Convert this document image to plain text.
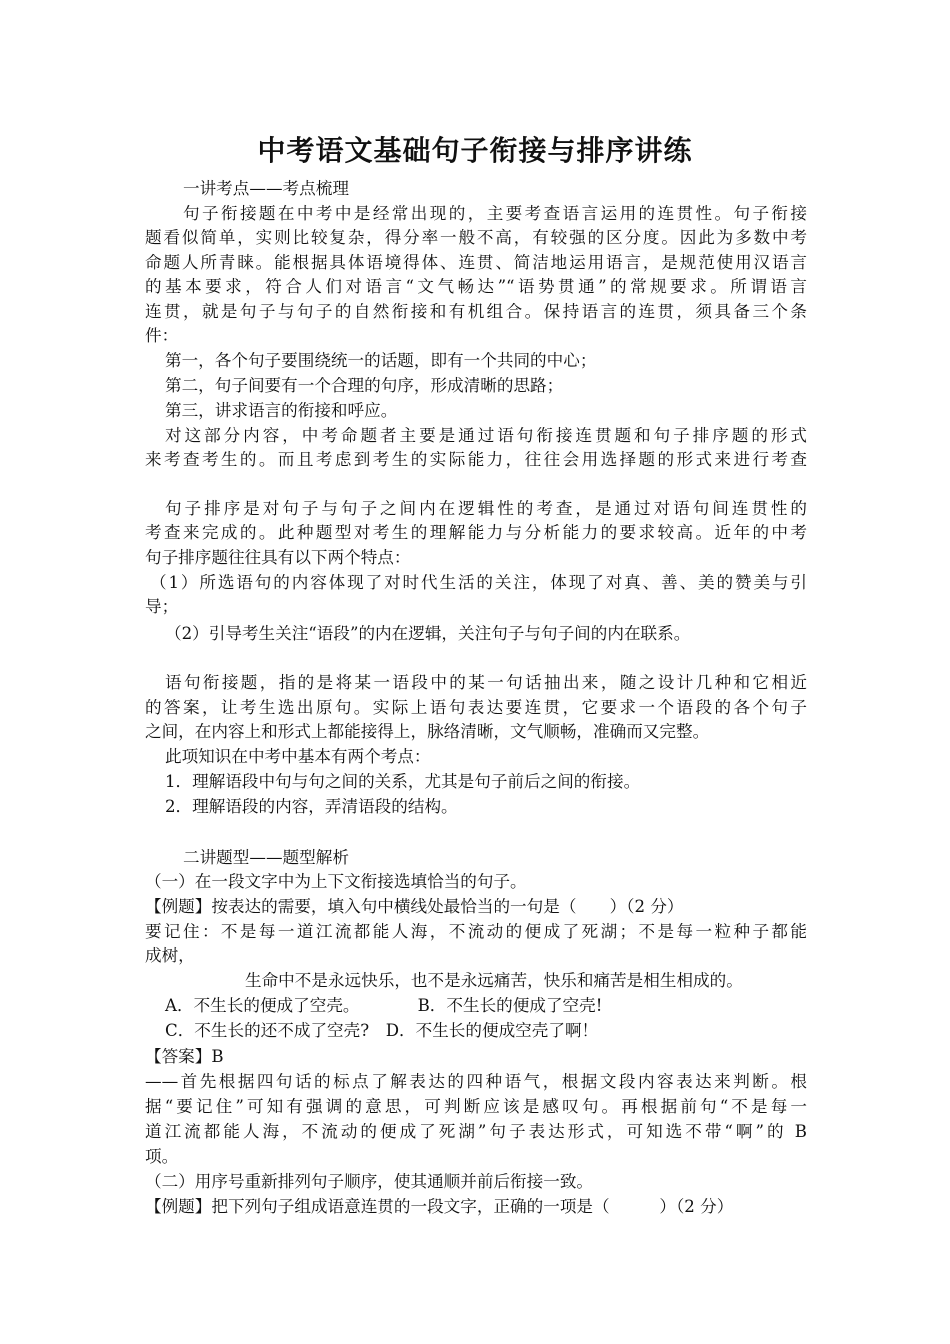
中考语文基础句子衔接与排序讲练
一讲考点——考点梳理
句子衔接题在中考中是经常出现的，主要考查语言运用的连贯性。句子衔接
题看似简单，实则比较复杂，得分率一般不高，有较强的区分度。因此为多数中考
命题人所青睐。能根据具体语境得体、连贯、简洁地运用语言，是规范使用汉语言
的基本要求，符合人们对语言“文气畅达”“语势贯通”的常规要求。所谓语言
连贯，就是句子与句子的自然衔接和有机组合。保持语言的连贯，须具备三个条
件：
第一，各个句子要围绕统一的话题，即有一个共同的中心；
第二，句子间要有一个合理的句序，形成清晰的思路；
第三，讲求语言的衔接和呼应。
对这部分内容，中考命题者主要是通过语句衔接连贯题和句子排序题的形式
来考查考生的。而且考虑到考生的实际能力，往往会用选择题的形式来进行考查
句子排序是对句子与句子之间内在逻辑性的考查，是通过对语句间连贯性的
考查来完成的。此种题型对考生的理解能力与分析能力的要求较高。近年的中考
句子排序题往往具有以下两个特点：
（1）所选语句的内容体现了对时代生活的关注，体现了对真、善、美的赞美与引
导；
（2）引导考生关注“语段”的内在逻辑，关注句子与句子间的内在联系。
语句衔接题，指的是将某一语段中的某一句话抽出来，随之设计几种和它相近
的答案，让考生选出原句。实际上语句表达要连贯，它要求一个语段的各个句子
之间，在内容上和形式上都能接得上，脉络清晰，文气顺畅，准确而又完整。
此项知识在中考中基本有两个考点：
1．理解语段中句与句之间的关系，尤其是句子前后之间的衔接。
2．理解语段的内容，弄清语段的结构。
二讲题型——题型解析
（一）在一段文字中为上下文衔接选填恰当的句子。
【例题】按表达的需要，填入句中横线处最恰当的一句是（　　）（2 分）
要记住：不是每一道江流都能人海，不流动的便成了死湖；不是每一粒种子都能
成树，
生命中不是永远快乐，也不是永远痛苦，快乐和痛苦是相生相成的。
A．不生长的便成了空壳。　　　　B．不生长的便成了空壳!
C．不生长的还不成了空壳?　D．不生长的便成空壳了啊！
【答案】B
——首先根据四句话的标点了解表达的四种语气，根据文段内容表达来判断。根
据“要记住”可知有强调的意思，可判断应该是感叹句。再根据前句“不是每一
道江流都能人海，不流动的便成了死湖”句子表达形式，可知选不带“啊”的 B
项。
（二）用序号重新排列句子顺序，使其通顺并前后衔接一致。
【例题】把下列句子组成语意连贯的一段文字，正确的一项是（　　　）（2 分）
